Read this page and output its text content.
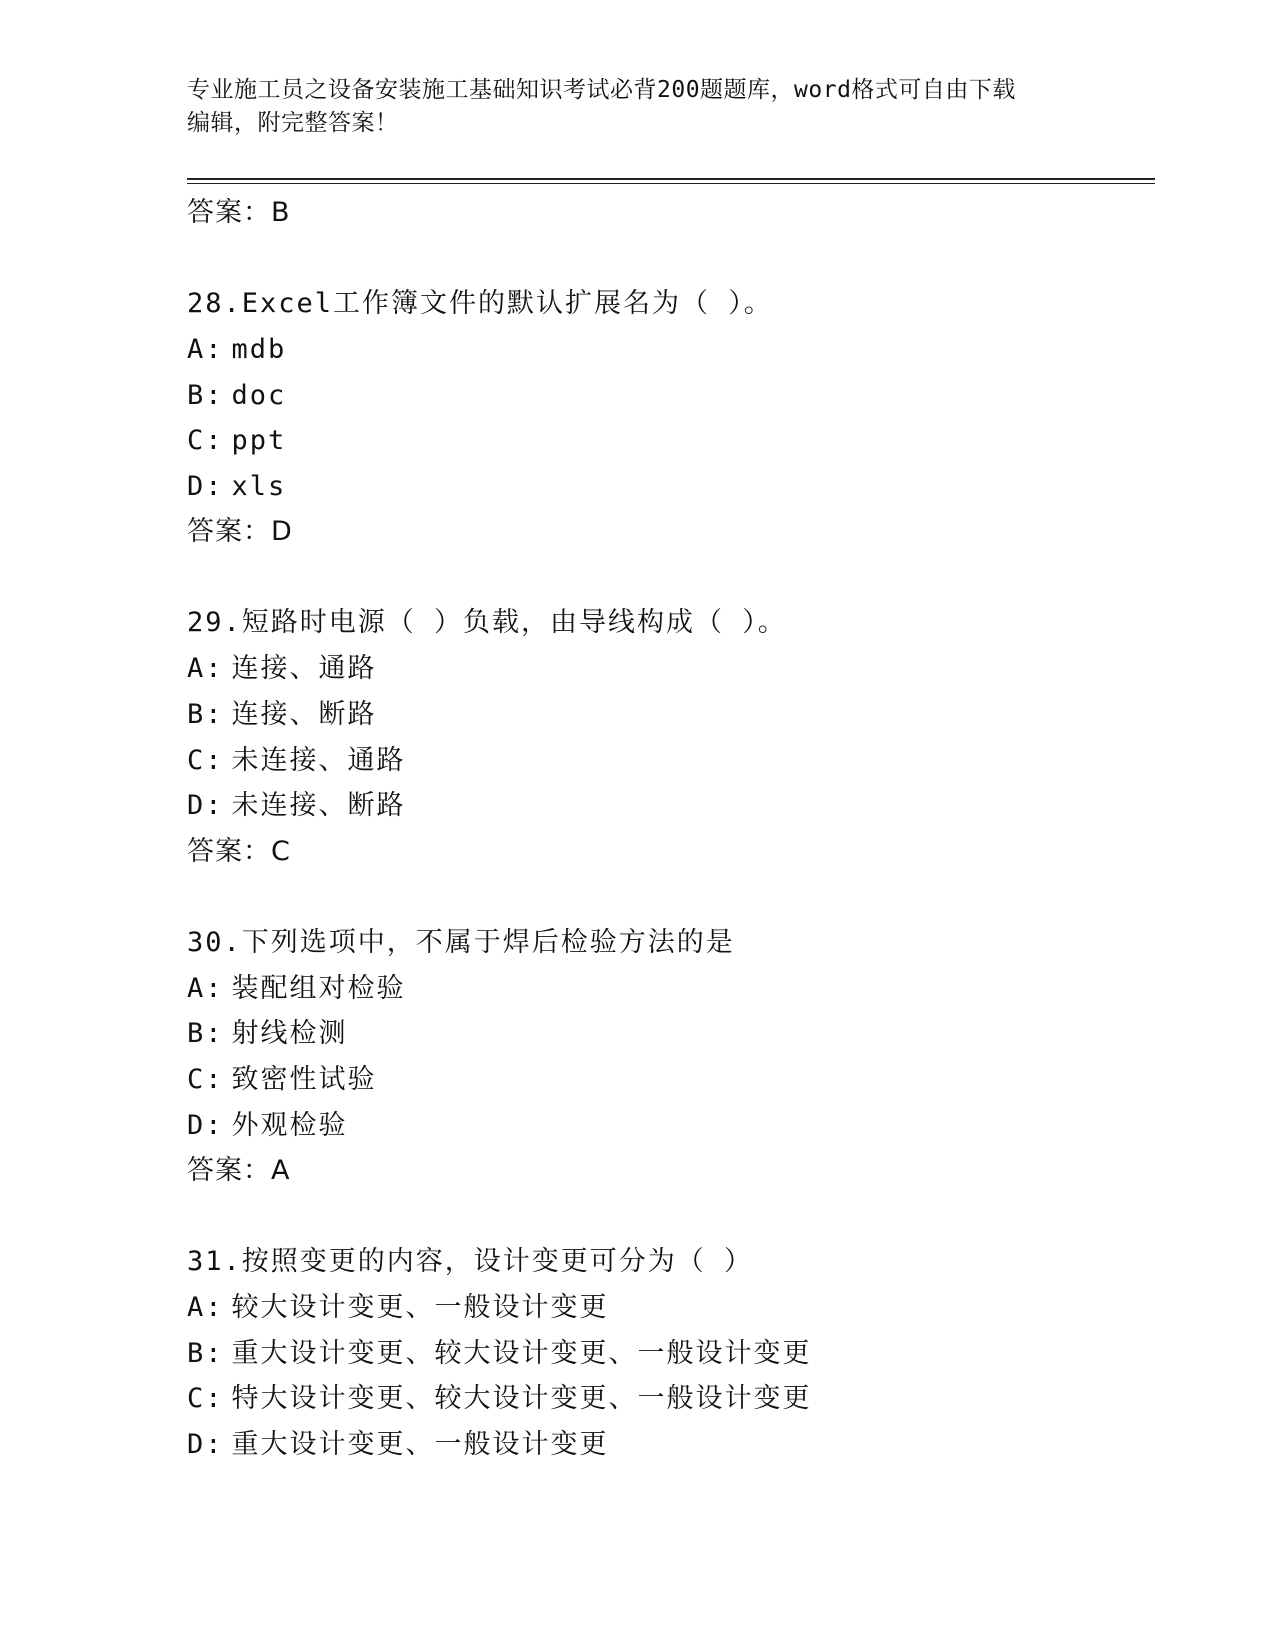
专业施工员之设备安装施工基础知识考试必背200题题库，word格式可自由下载
编辑，附完整答案！
答案：B
28.Excel工作簿文件的默认扩展名为（ ）。
A: mdb
B: doc
C: ppt
D: xls
答案：D
29.短路时电源（ ）负载，由导线构成（ ）。
A: 连接、通路
B: 连接、断路
C: 未连接、通路
D: 未连接、断路
答案：C
30.下列选项中，不属于焊后检验方法的是
A: 装配组对检验
B: 射线检测
C: 致密性试验
D: 外观检验
答案：A
31.按照变更的内容，设计变更可分为（ ）
A: 较大设计变更、一般设计变更
B: 重大设计变更、较大设计变更、一般设计变更
C: 特大设计变更、较大设计变更、一般设计变更
D: 重大设计变更、一般设计变更
